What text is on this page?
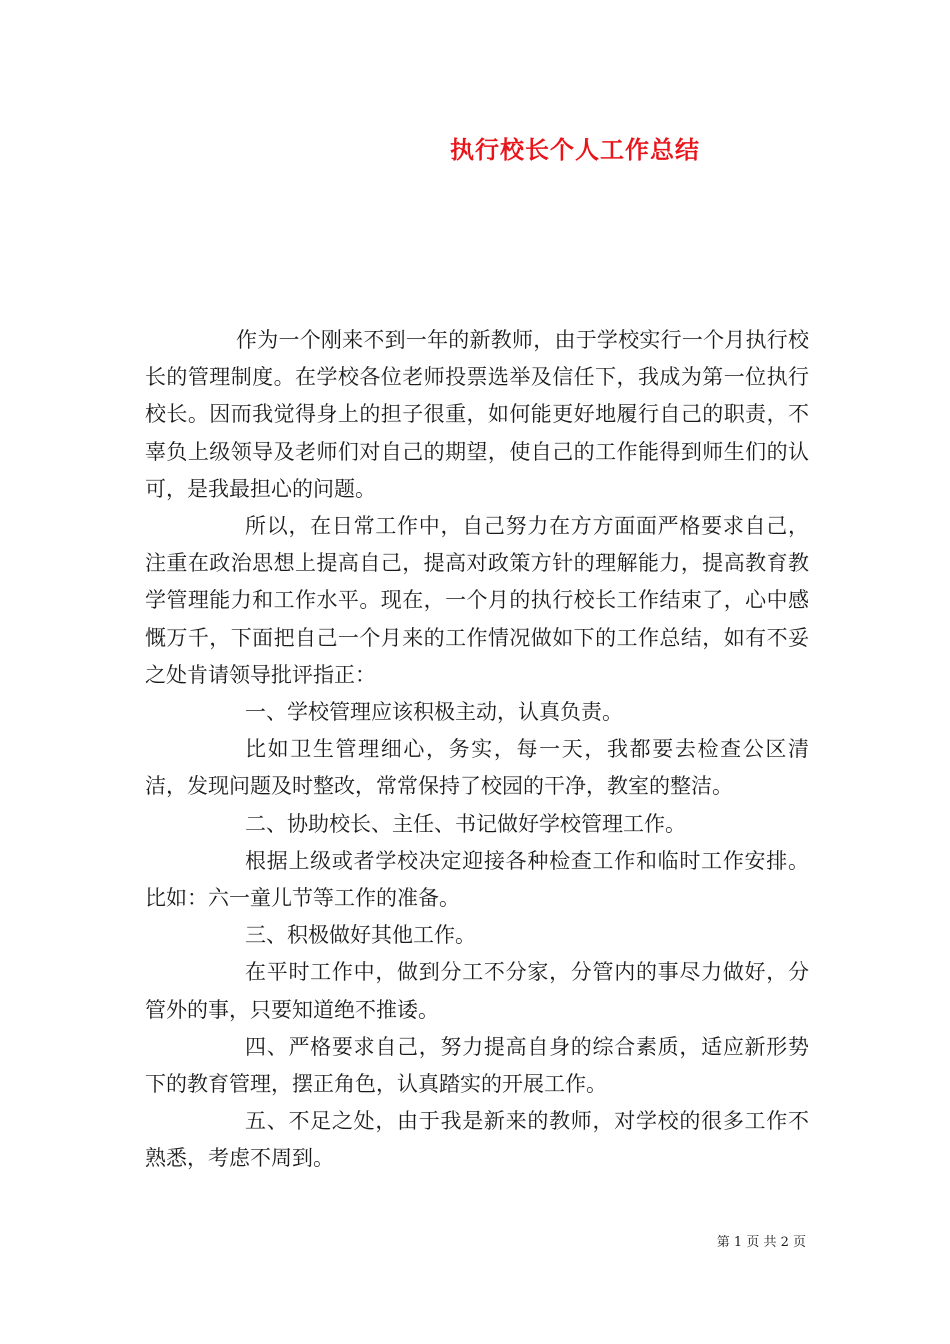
执行校长个人工作总结

作为一个刚来不到一年的新教师，由于学校实行一个月执行校长的管理制度。在学校各位老师投票选举及信任下，我成为第一位执行校长。因而我觉得身上的担子很重，如何能更好地履行自己的职责，不辜负上级领导及老师们对自己的期望，使自己的工作能得到师生们的认可，是我最担心的问题。

所以，在日常工作中，自己努力在方方面面严格要求自己，注重在政治思想上提高自己，提高对政策方针的理解能力，提高教育教学管理能力和工作水平。现在，一个月的执行校长工作结束了，心中感慨万千，下面把自己一个月来的工作情况做如下的工作总结，如有不妥之处肯请领导批评指正：

一、学校管理应该积极主动，认真负责。

比如卫生管理细心，务实，每一天，我都要去检查公区清洁，发现问题及时整改，常常保持了校园的干净，教室的整洁。

二、协助校长、主任、书记做好学校管理工作。

根据上级或者学校决定迎接各种检查工作和临时工作安排。比如：六一童儿节等工作的准备。

三、积极做好其他工作。

在平时工作中，做到分工不分家，分管内的事尽力做好，分管外的事，只要知道绝不推诿。

四、严格要求自己，努力提高自身的综合素质，适应新形势下的教育管理，摆正角色，认真踏实的开展工作。

五、不足之处，由于我是新来的教师，对学校的很多工作不熟悉，考虑不周到。

第 1 页 共 2 页
